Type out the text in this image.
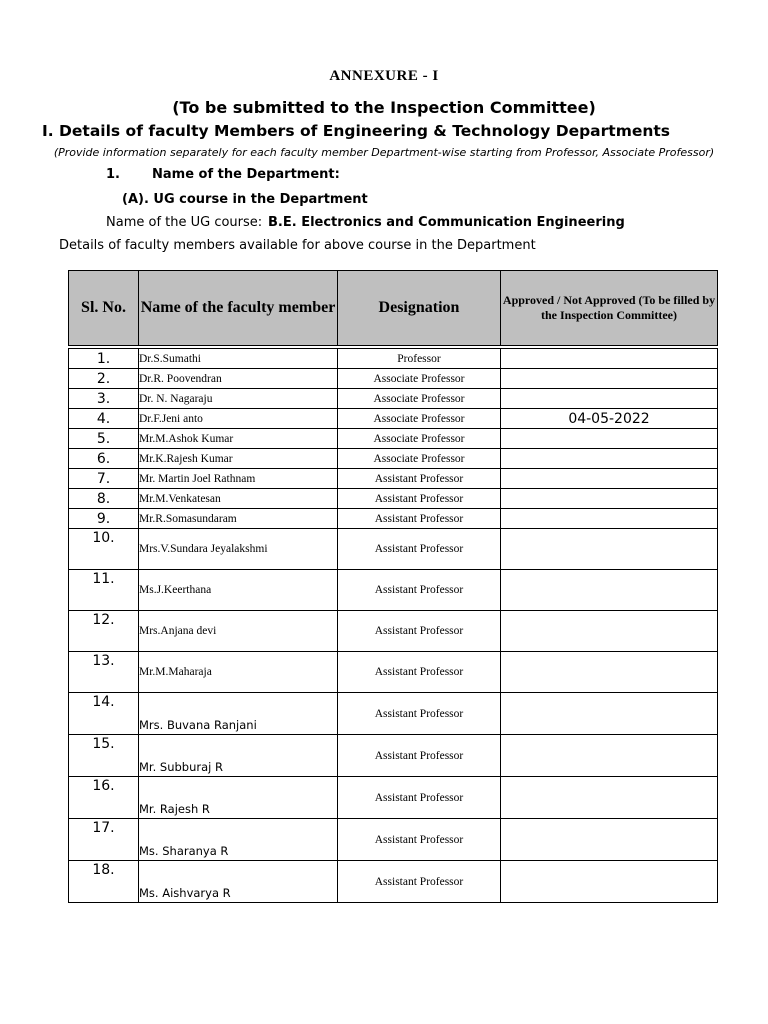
ANNEXURE - I
(To be submitted to the Inspection Committee)
I. Details of faculty Members of Engineering & Technology Departments
(Provide information separately for each faculty member Department-wise starting from Professor, Associate Professor)
1. Name of the Department:
(A). UG course in the Department
Name of the UG course: B.E. Electronics and Communication Engineering
Details of faculty members available for above course in the Department
Sl. No.	Name of the faculty member	Designation	Approved / Not Approved (To be filled by the Inspection Committee)

1.	Dr.S.Sumathi	Professor	
2.	Dr.R. Poovendran	Associate Professor	
3.	Dr. N. Nagaraju	Associate Professor	
4.	Dr.F.Jeni anto	Associate Professor	04-05-2022
5.	Mr.M.Ashok Kumar	Associate Professor	
6.	Mr.K.Rajesh Kumar	Associate Professor	
7.	Mr. Martin Joel Rathnam	Assistant Professor	
8.	Mr.M.Venkatesan	Assistant Professor	
9.	Mr.R.Somasundaram	Assistant Professor	
10.	Mrs.V.Sundara Jeyalakshmi	Assistant Professor	
11.	Ms.J.Keerthana	Assistant Professor	
12.	Mrs.Anjana devi	Assistant Professor	
13.	Mr.M.Maharaja	Assistant Professor	
14.	Mrs. Buvana Ranjani	Assistant Professor	
15.	Mr. Subburaj R	Assistant Professor	
16.	Mr. Rajesh R	Assistant Professor	
17.	Ms. Sharanya R	Assistant Professor	
18.	Ms. Aishvarya R	Assistant Professor	
